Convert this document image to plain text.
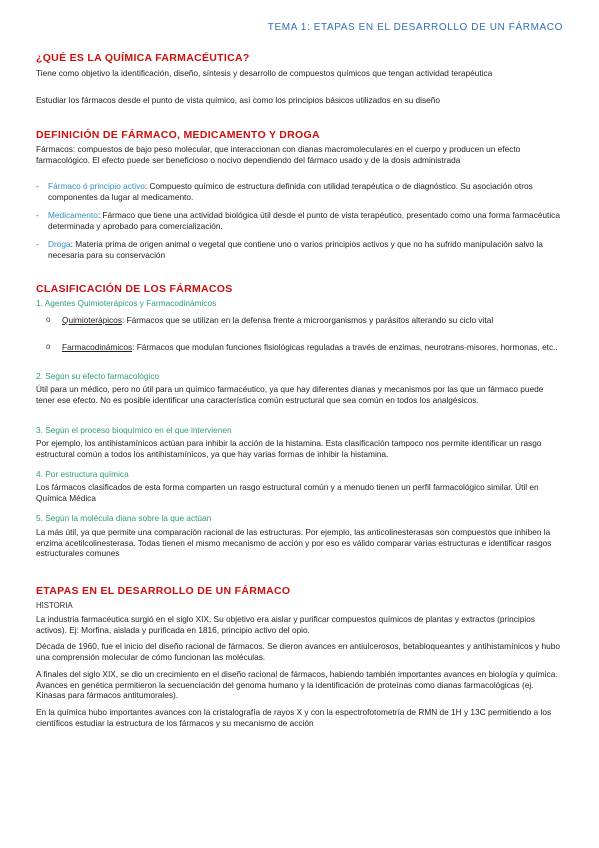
TEMA 1: ETAPAS EN EL DESARROLLO DE UN FÁRMACO
¿QUÉ ES LA QUÍMICA FARMACÉUTICA?

Tiene como objetivo la identificación, diseño, síntesis y desarrollo de compuestos químicos que tengan actividad terapéutica

Estudiar los fármacos desde el punto de vista químico, así como los principios básicos utilizados en su diseño

DEFINICIÓN DE FÁRMACO, MEDICAMENTO Y DROGA

Fármacos: compuestos de bajo peso molecular, que interaccionan con dianas macromoleculares en el cuerpo y producen un efecto farmacológico. El efecto puede ser beneficioso o nocivo dependiendo del fármaco usado y de la dosis administrada

-	Fármaco ó principio activo: Compuesto químico de estructura definida con utilidad terapéutica o de diagnóstico. Su asociación otros componentes da lugar al medicamento.
-	Medicamento: Fármaco que tiene una actividad biológica útil desde el punto de vista terapéutico, presentado como una forma farmacéutica determinada y aprobado para comercialización.
-	Droga: Materia prima de origen animal o vegetal que contiene uno o varios principios activos y que no ha sufrido manipulación salvo la necesaria para su conservación
CLASIFICACIÓN DE LOS FÁRMACOS

1. Agentes Quimioterápicos y Farmacodinámicos

o	Quimioterápicos: Fármacos que se utilizan en la defensa frente a microorganismos y parásitos alterando su ciclo vital
o	Farmacodinámicos: Fármacos que modulan funciones fisiológicas reguladas a través de enzimas, neurotrans-misores, hormonas, etc..

2. Según su efecto farmacológico

Útil para un médico, pero no útil para un químico farmacéutico, ya que hay diferentes dianas y mecanismos por las que un fármaco puede tener ese efecto. No es posible identificar una característica común estructural que sea común en todos los analgésicos.

3. Según el proceso bioquímico en el que intervienen

Por ejemplo, los antihistamínicos actúan para inhibir la acción de la histamina. Esta clasificación tampoco nos permite identificar un rasgo estructural común a todos los antihistamínicos, ya que hay varias formas de inhibir la histamina.

4. Por estructura química

Los fármacos clasificados de esta forma comparten un rasgo estructural común y a menudo tienen un perfil farmacológico similar. Útil en Química Médica

5. Según la molécula diana sobre la que actúan

La más útil, ya que permite una comparación racional de las estructuras. Por ejemplo, las anticolinesterasas son compuestos que inhiben la enzima acetilcolinesterasa. Todas tienen el mismo mecanismo de acción y por eso es válido comparar varias estructuras e identificar rasgos estructurales comunes

ETAPAS EN EL DESARROLLO DE UN FÁRMACO

HISTORIA

La industria farmacéutica surgió en el siglo XIX. Su objetivo era aislar y purificar compuestos químicos de plantas y extractos (principios activos). Ej: Morfina, aislada y purificada en 1816, principio activo del opio.

Década de 1960, fue el inicio del diseño racional de fármacos. Se dieron avances en antiulcerosos, betabloqueantes y antihistamínicos y hubo una comprensión molecular de cómo funcionan las moléculas.

A finales del siglo XIX, se dio un crecimiento en el diseño racional de fármacos, habiendo también importantes avances en biología y química. Avances en genética permitieron la secuenciación del genoma humano y la identificación de proteínas como dianas farmacológicas (ej. Kinasas para fármacos antitumorales).

En la química hubo importantes avances con la cristalografía de rayos X y con la espectrofotometría de RMN de 1H y 13C permitiendo a los científicos estudiar la estructura de los fármacos y su mecanismo de acción
